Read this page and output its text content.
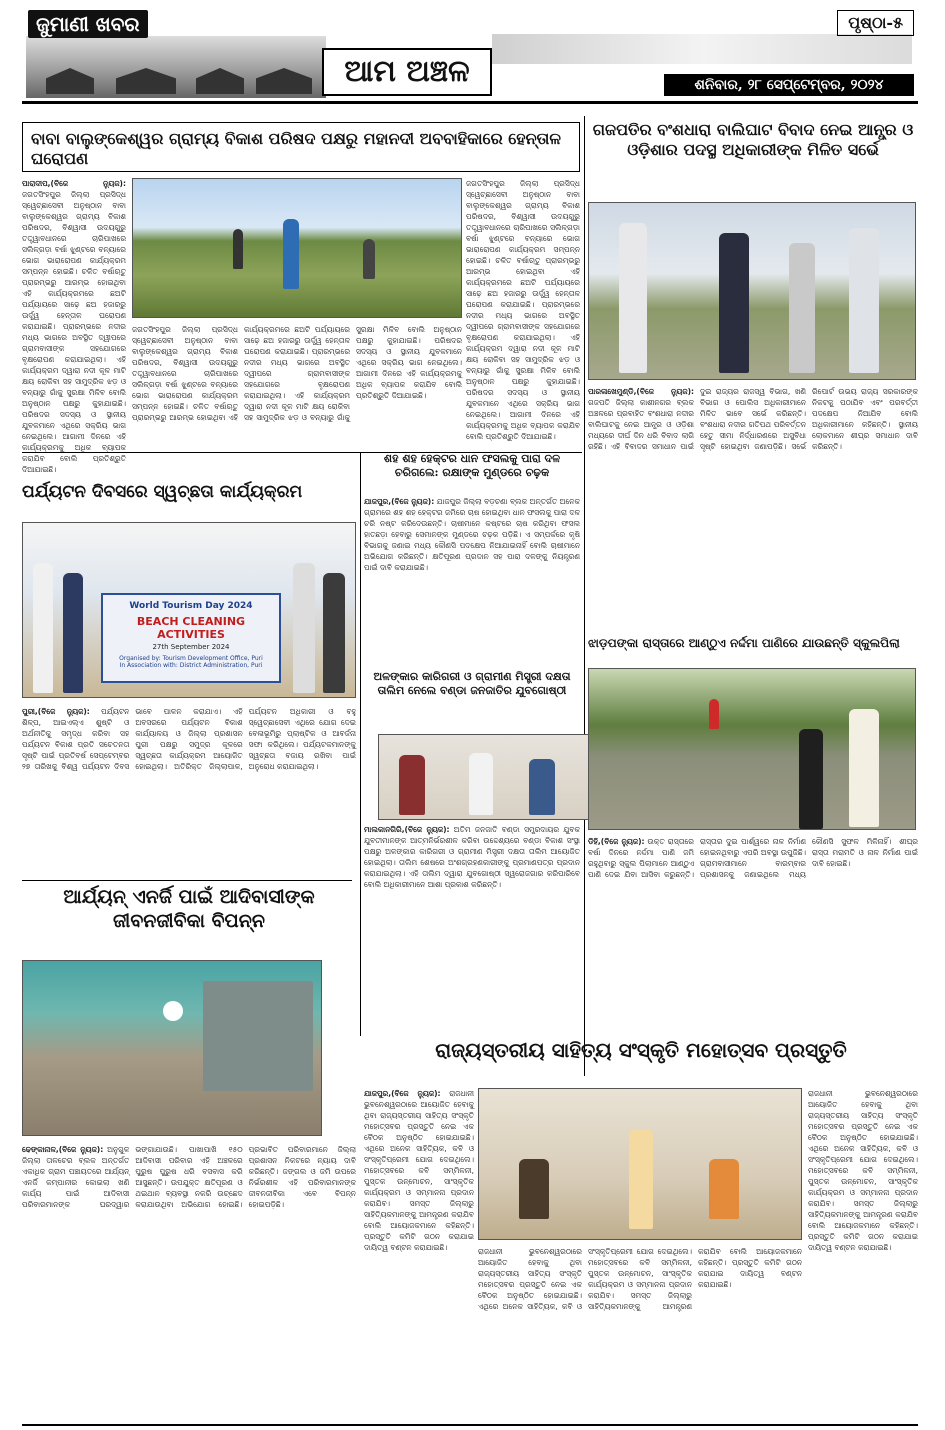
ଜୁମାଣୀ ଖବର
ଆମ ଅଞ୍ଚଳ
ପୃଷ୍ଠା-୫
ଶନିବାର, ୨୮ ସେପ୍ଟେମ୍ବର, ୨୦୨୪
ବାବା ବାଲୁଙ୍କେଶ୍ୱର ଗ୍ରାମ୍ୟ ବିକାଶ ପରିଷଦ ପକ୍ଷରୁ ମହାନଦୀ ଅବବାହିକାରେ ହେନ୍ତାଳ ଘରୋପଣ
ପାରାଦୀପ,(ବିଜେ ନ୍ୟୁଜ): ଜଗତସିଂହପୁର ଜିଲ୍ଲା ପ୍ରସିଦ୍ଧ ସ୍ୱେଚ୍ଛାସେବୀ ଅନୁଷ୍ଠାନ ବାବା ବାଲୁଙ୍କେଶ୍ୱର ଗ୍ରାମ୍ୟ ବିକାଶ ପରିଷଦର, ବିଶ୍ୱାସୀ ଉଦୟଗୁରୁ ତତ୍ତ୍ୱାବଧାନରେ ଚାରିପାଖରେ ସଲିଳ୍‌ଗଡ଼ା ବର୍ଷା ଝୁଣ୍ଟରେ ବନ୍ୟାରେ ଭୋଗ ଭାରାରୋପଣ କାର୍ଯ୍ୟକ୍ରମ ସମ୍ପନ୍ନ ହୋଇଛି। ଚଳିତ ବର୍ଷାଋତୁ ପ୍ରାରମ୍ଭରୁ ଆରମ୍ଭ ହୋଇଥିବା ଏହି କାର୍ଯ୍ୟକ୍ରମରେ ଛଅଟି ପର୍ଯ୍ୟାୟରେ ସାଢ଼େ ଛଅ ହଜାରରୁ ଊର୍ଦ୍ଧ୍ୱ ହେନ୍ତାଳ ଘରୋପଣ କରାଯାଇଛି। ପ୍ରାରମ୍ଭରେ ନଦୀର ମଧ୍ୟ ଭାଗରେ ଅବସ୍ଥିତ ଦ୍ୱୀପରେ ଗ୍ରାମବାସୀଙ୍କ ସହଯୋଗରେ ବୃକ୍ଷରୋପଣ କରାଯାଇଥିଲା। ଏହି କାର୍ଯ୍ୟକ୍ରମ ଦ୍ୱାରା ନଦୀ କୂଳ ମାଟି କ୍ଷୟ ରୋକିବା ସହ ସାମୁଦ୍ରିକ ଝଡ଼ ଓ ବନ୍ୟାରୁ ଗାଁକୁ ସୁରକ୍ଷା ମିଳିବ ବୋଲି ଅନୁଷ୍ଠାନ ପକ୍ଷରୁ କୁହାଯାଇଛି। ପରିଷଦର ସଦସ୍ୟ ଓ ସ୍ଥାନୀୟ ଯୁବକମାନେ ଏଥିରେ ସକ୍ରିୟ ଭାଗ ନେଇଥିଲେ। ଆଗାମୀ ଦିନରେ ଏହି କାର୍ଯ୍ୟକ୍ରମକୁ ଅଧିକ ବ୍ୟାପକ କରାଯିବ ବୋଲି ପ୍ରତିଶ୍ରୁତି ଦିଆଯାଇଛି।
ଜଗତସିଂହପୁର ଜିଲ୍ଲା ପ୍ରସିଦ୍ଧ ସ୍ୱେଚ୍ଛାସେବୀ ଅନୁଷ୍ଠାନ ବାବା ବାଲୁଙ୍କେଶ୍ୱର ଗ୍ରାମ୍ୟ ବିକାଶ ପରିଷଦର, ବିଶ୍ୱାସୀ ଉଦୟଗୁରୁ ତତ୍ତ୍ୱାବଧାନରେ ଚାରିପାଖରେ ସଲିଳ୍‌ଗଡ଼ା ବର୍ଷା ଝୁଣ୍ଟରେ ବନ୍ୟାରେ ଭୋଗ ଭାରାରୋପଣ କାର୍ଯ୍ୟକ୍ରମ ସମ୍ପନ୍ନ ହୋଇଛି। ଚଳିତ ବର୍ଷାଋତୁ ପ୍ରାରମ୍ଭରୁ ଆରମ୍ଭ ହୋଇଥିବା ଏହି କାର୍ଯ୍ୟକ୍ରମରେ ଛଅଟି ପର୍ଯ୍ୟାୟରେ ସାଢ଼େ ଛଅ ହଜାରରୁ ଊର୍ଦ୍ଧ୍ୱ ହେନ୍ତାଳ ଘରୋପଣ କରାଯାଇଛି। ପ୍ରାରମ୍ଭରେ ନଦୀର ମଧ୍ୟ ଭାଗରେ ଅବସ୍ଥିତ ଦ୍ୱୀପରେ ଗ୍ରାମବାସୀଙ୍କ ସହଯୋଗରେ ବୃକ୍ଷରୋପଣ କରାଯାଇଥିଲା। ଏହି କାର୍ଯ୍ୟକ୍ରମ ଦ୍ୱାରା ନଦୀ କୂଳ ମାଟି କ୍ଷୟ ରୋକିବା ସହ ସାମୁଦ୍ରିକ ଝଡ଼ ଓ ବନ୍ୟାରୁ ଗାଁକୁ ସୁରକ୍ଷା ମିଳିବ ବୋଲି ଅନୁଷ୍ଠାନ ପକ୍ଷରୁ କୁହାଯାଇଛି। ପରିଷଦର ସଦସ୍ୟ ଓ ସ୍ଥାନୀୟ ଯୁବକମାନେ ଏଥିରେ ସକ୍ରିୟ ଭାଗ ନେଇଥିଲେ। ଆଗାମୀ ଦିନରେ ଏହି କାର୍ଯ୍ୟକ୍ରମକୁ ଅଧିକ ବ୍ୟାପକ କରାଯିବ ବୋଲି ପ୍ରତିଶ୍ରୁତି ଦିଆଯାଇଛି।
ଜଗତସିଂହପୁର ଜିଲ୍ଲା ପ୍ରସିଦ୍ଧ ସ୍ୱେଚ୍ଛାସେବୀ ଅନୁଷ୍ଠାନ ବାବା ବାଲୁଙ୍କେଶ୍ୱର ଗ୍ରାମ୍ୟ ବିକାଶ ପରିଷଦର, ବିଶ୍ୱାସୀ ଉଦୟଗୁରୁ ତତ୍ତ୍ୱାବଧାନରେ ଚାରିପାଖରେ ସଲିଳ୍‌ଗଡ଼ା ବର୍ଷା ଝୁଣ୍ଟରେ ବନ୍ୟାରେ ଭୋଗ ଭାରାରୋପଣ କାର୍ଯ୍ୟକ୍ରମ ସମ୍ପନ୍ନ ହୋଇଛି। ଚଳିତ ବର୍ଷାଋତୁ ପ୍ରାରମ୍ଭରୁ ଆରମ୍ଭ ହୋଇଥିବା ଏହି କାର୍ଯ୍ୟକ୍ରମରେ ଛଅଟି ପର୍ଯ୍ୟାୟରେ ସାଢ଼େ ଛଅ ହଜାରରୁ ଊର୍ଦ୍ଧ୍ୱ ହେନ୍ତାଳ ଘରୋପଣ କରାଯାଇଛି। ପ୍ରାରମ୍ଭରେ ନଦୀର ମଧ୍ୟ ଭାଗରେ ଅବସ୍ଥିତ ଦ୍ୱୀପରେ ଗ୍ରାମବାସୀଙ୍କ ସହଯୋଗରେ ବୃକ୍ଷରୋପଣ କରାଯାଇଥିଲା। ଏହି କାର୍ଯ୍ୟକ୍ରମ ଦ୍ୱାରା ନଦୀ କୂଳ ମାଟି କ୍ଷୟ ରୋକିବା ସହ ସାମୁଦ୍ରିକ ଝଡ଼ ଓ ବନ୍ୟାରୁ ଗାଁକୁ ସୁରକ୍ଷା ମିଳିବ ବୋଲି ଅନୁଷ୍ଠାନ ପକ୍ଷରୁ କୁହାଯାଇଛି। ପରିଷଦର ସଦସ୍ୟ ଓ ସ୍ଥାନୀୟ ଯୁବକମାନେ ଏଥିରେ ସକ୍ରିୟ ଭାଗ ନେଇଥିଲେ। ଆଗାମୀ ଦିନରେ ଏହି କାର୍ଯ୍ୟକ୍ରମକୁ ଅଧିକ ବ୍ୟାପକ କରାଯିବ ବୋଲି ପ୍ରତିଶ୍ରୁତି ଦିଆଯାଇଛି।
ଗଜପତିର ବଂଶଧାରା ବାଲିଘାଟ ବିବାଦ ନେଇ ଆନ୍ଧ୍ର ଓ ଓଡ଼ିଶାର ପଦସ୍ଥ ଅଧିକାରୀଙ୍କ ମିଳିତ ସର୍ଭେ
ପାରଳାଖେମୁଣ୍ଡି,(ବିଜେ ନ୍ୟୁଜ): ଗଜପତି ଜିଲ୍ଲା କାଶୀନଗର ବ୍ଲକ ଅଞ୍ଚଳରେ ପ୍ରବାହିତ ବଂଶଧାରା ନଦୀର ବାଲିଘାଟକୁ ନେଇ ଆନ୍ଧ୍ର ଓ ଓଡ଼ିଶା ମଧ୍ୟରେ ଦୀର୍ଘ ଦିନ ଧରି ବିବାଦ ଲାଗି ରହିଛି। ଏହି ବିବାଦର ସମାଧାନ ପାଇଁ ଦୁଇ ରାଜ୍ୟର ରାଜସ୍ୱ ବିଭାଗ, ଖଣି ବିଭାଗ ଓ ପୋଲିସ ଅଧିକାରୀମାନେ ମିଳିତ ଭାବେ ସର୍ଭେ କରିଛନ୍ତି। ବଂଶଧାରା ନଦୀର ଗତିପଥ ପରିବର୍ତ୍ତନ ହେତୁ ସୀମା ନିର୍ଦ୍ଧାରଣରେ ଅସୁବିଧା ସୃଷ୍ଟି ହୋଇଥିବା ଜଣାପଡ଼ିଛି। ସର୍ଭେ ରିପୋର୍ଟ ଉଭୟ ରାଜ୍ୟ ସରକାରଙ୍କ ନିକଟକୁ ପଠାଯିବ ଏବଂ ପରବର୍ତ୍ତୀ ପଦକ୍ଷେପ ନିଆଯିବ ବୋଲି ଅଧିକାରୀମାନେ କହିଛନ୍ତି। ସ୍ଥାନୀୟ ଲୋକମାନେ ଶୀଘ୍ର ସମାଧାନ ଦାବି କରିଛନ୍ତି।
ପର୍ଯ୍ୟଟନ ଦିବସରେ ସ୍ୱଚ୍ଛତା କାର୍ଯ୍ୟକ୍ରମ
World Tourism Day 2024
BEACH CLEANING ACTIVITIES
27th September 2024
Organised by: Tourism Development Office, Puri
In Association with: District Administration, Puri
ପୁରୀ,(ବିଜେ ନ୍ୟୁଜ): ପର୍ଯ୍ୟଟନ ଶିଳ୍ପ, ଆଇଏଲ୍‌ଏ ଶୁଷ୍ଟି ଓ ଅର୍ଥନୀତିକୁ ସମୃଦ୍ଧ କରିବା ସହ ପର୍ଯ୍ୟଟନ ବିକାଶ ପ୍ରତି ସଚେତନତା ସୃଷ୍ଟି ପାଇଁ ପ୍ରତିବର୍ଷ ସେପ୍ଟେମ୍ବର ୨୭ ତାରିଖକୁ ବିଶ୍ୱ ପର୍ଯ୍ୟଟନ ଦିବସ ଭାବେ ପାଳନ କରାଯାଏ। ଏହି ଅବସରରେ ପର୍ଯ୍ୟଟନ ବିକାଶ କାର୍ଯ୍ୟାଳୟ ଓ ଜିଲ୍ଲା ପ୍ରଶାସନ ପୁରୀ ପକ୍ଷରୁ ସମୁଦ୍ର କୂଳରେ ସ୍ୱଚ୍ଛତା କାର୍ଯ୍ୟକ୍ରମ ଆୟୋଜିତ ହୋଇଥିଲା। ଅତିରିକ୍ତ ଜିଲ୍ଲାପାଳ, ପର୍ଯ୍ୟଟନ ଅଧିକାରୀ ଓ ବହୁ ସ୍ୱେଚ୍ଛାସେବୀ ଏଥିରେ ଯୋଗ ଦେଇ ବେଳାଭୂମିରୁ ପ୍ଲାଷ୍ଟିକ ଓ ଆବର୍ଜନା ସଫା କରିଥିଲେ। ପର୍ଯ୍ୟଟକମାନଙ୍କୁ ସ୍ୱଚ୍ଛତା ବଜାୟ ରଖିବା ପାଇଁ ଅନୁରୋଧ କରାଯାଇଥିଲା।
ଶହ ଶହ ହେକ୍ଟର ଧାନ ଫସଲକୁ ପାରା ଦଳ ଚରିଗଲେ: ରକ୍ଷାଙ୍କ ମୁଣ୍ଡରେ ଚଢ଼କ
ଯାଜପୁର,(ବିଜେ ନ୍ୟୁଜ): ଯାଜପୁର ଜିଲ୍ଲା ବଡ଼ଚଣା ବ୍ଲକ ଅନ୍ତର୍ଗତ ଅନେକ ଗ୍ରାମରେ ଶହ ଶହ ହେକ୍ଟର ଜମିରେ ଚାଷ ହୋଇଥିବା ଧାନ ଫସଲକୁ ପାରା ଦଳ ଚରି ନଷ୍ଟ କରିଦେଉଛନ୍ତି। ଚାଷୀମାନେ କଷ୍ଟରେ ଚାଷ କରିଥିବା ଫସଲ ହାତଛଡ଼ା ହେବାରୁ ସେମାନଙ୍କ ମୁଣ୍ଡରେ ଚଢ଼କ ପଡ଼ିଛି। ଏ ସମ୍ପର୍କରେ କୃଷି ବିଭାଗକୁ ଜଣାଇ ମଧ୍ୟ କୌଣସି ପଦକ୍ଷେପ ନିଆଯାଇନାହିଁ ବୋଲି ଚାଷୀମାନେ ଅଭିଯୋଗ କରିଛନ୍ତି। କ୍ଷତିପୂରଣ ପ୍ରଦାନ ସହ ପାରା ଦଳଙ୍କୁ ନିୟନ୍ତ୍ରଣ ପାଇଁ ଦାବି କରାଯାଇଛି।
ଅଳଙ୍କାର କାରିଗରୀ ଓ ଗ୍ରାମୀଣ ମିସ୍ତ୍ରୀ ଦକ୍ଷତା ତାଲିମ ନେଲେ ବଣ୍ଡା ଜନଜାତିର ଯୁବଗୋଷ୍ଠୀ
ମାଲକାନଗିରି,(ବିଜେ ନ୍ୟୁଜ): ଅତିମ ଜନଜାତି ବଣ୍ଡା ସମ୍ପ୍ରଦାୟର ଯୁବକ ଯୁବତୀମାନଙ୍କ ଆତ୍ମନିର୍ଭରଶୀଳ କରିବା ଉଦ୍ଦେଶ୍ୟରେ ବଣ୍ଡା ବିକାଶ ସଂସ୍ଥା ପକ୍ଷରୁ ଅଳଙ୍କାର କାରିଗରୀ ଓ ଗ୍ରାମୀଣ ମିସ୍ତ୍ରୀ ଦକ୍ଷତା ତାଲିମ ଆୟୋଜିତ ହୋଇଥିଲା। ତାଲିମ ଶେଷରେ ଅଂଶଗ୍ରହଣକାରୀଙ୍କୁ ପ୍ରମାଣପତ୍ର ପ୍ରଦାନ କରାଯାଇଥିଲା। ଏହି ତାଲିମ ଦ୍ୱାରା ଯୁବଗୋଷ୍ଠୀ ସ୍ୱରୋଜଗାର କରିପାରିବେ ବୋଲି ଅଧିକାରୀମାନେ ଆଶା ପ୍ରକାଶ କରିଛନ୍ତି।
ଝାଡ଼ପଙ୍କା ରାସ୍ତାରେ ଆଣ୍ଠୁଏ ନର୍ଦ୍ଦମା ପାଣିରେ ଯାଉଛନ୍ତି ସ୍କୁଲପିଲା
ଡିହି,(ବିଜେ ନ୍ୟୁଜ): ଉକ୍ତ ରାସ୍ତାରେ ବର୍ଷା ଦିନରେ ନର୍ଦ୍ଦମା ପାଣି ଜମି ରହୁଥିବାରୁ ସ୍କୁଲ ପିଲାମାନେ ଆଣ୍ଠୁଏ ପାଣି ଦେଇ ଯିବା ଆସିବା କରୁଛନ୍ତି। ରାସ୍ତାର ଦୁଇ ପାର୍ଶ୍ୱରେ ନାଳ ନିର୍ମାଣ ହୋଇନଥିବାରୁ ଏପରି ଅବସ୍ଥା ଉପୁଜିଛି। ଗ୍ରାମବାସୀମାନେ ବାରମ୍ବାର ପ୍ରଶାସନକୁ ଜଣାଇଥିଲେ ମଧ୍ୟ କୌଣସି ସୁଫଳ ମିଳିନାହିଁ। ଶୀଘ୍ର ରାସ୍ତା ମରାମତି ଓ ନାଳ ନିର୍ମାଣ ପାଇଁ ଦାବି ହୋଇଛି।
ଆର୍ଯ୍ୟନ୍ ଏନର୍ଜି ପାଇଁ ଆଦିବାସୀଙ୍କ ଜୀବନଜୀବିକା ବିପନ୍ନ
ଢେଙ୍କାନାଳ,(ବିଜେ ନ୍ୟୁଜ): ଅନୁଗୁଳ ଜିଲ୍ଲା ତାଳଚେର ବ୍ଲକ ଅନ୍ତର୍ଗତ ଏକାଧିକ ଗ୍ରାମ ପଞ୍ଚାୟତରେ ଆର୍ଯ୍ୟନ୍ ଏନର୍ଜି କମ୍ପାନୀର କୋଇଲା ଖଣି କାର୍ଯ୍ୟ ପାଇଁ ଆଦିବାସୀ ପରିବାରମାନଙ୍କ ଘରଦ୍ୱାର ଭଙ୍ଗାଯାଉଛି। ପାଖାପାଖି ୧୫୦ ଆଦିବାସୀ ପରିବାର ଏହି ଅଞ୍ଚଳରେ ପୁରୁଷ ପୁରୁଷ ଧରି ବସବାସ କରି ଆସୁଛନ୍ତି। ଉପଯୁକ୍ତ କ୍ଷତିପୂରଣ ଓ ଥଇଥାନ ବ୍ୟବସ୍ଥା ନକରି ଉଚ୍ଛେଦ କରାଯାଉଥିବା ଅଭିଯୋଗ ହୋଇଛି। ପ୍ରଭାବିତ ପରିବାରମାନେ ଜିଲ୍ଲା ପ୍ରଶାସନ ନିକଟରେ ନ୍ୟାୟ ଦାବି କରିଛନ୍ତି। ଜଙ୍ଗଲ ଓ ଜମି ଉପରେ ନିର୍ଭରଶୀଳ ଏହି ପରିବାରମାନଙ୍କ ଜୀବନଜୀବିକା ଏବେ ବିପନ୍ନ ହୋଇପଡ଼ିଛି।
ରାଜ୍ୟସ୍ତରୀୟ ସାହିତ୍ୟ ସଂସ୍କୃତି ମହୋତ୍ସବ ପ୍ରସ୍ତୁତି
ଯାଜପୁର,(ବିଜେ ନ୍ୟୁଜ): ରାଜଧାନୀ ଭୁବନେଶ୍ୱରଠାରେ ଆୟୋଜିତ ହେବାକୁ ଥିବା ରାଜ୍ୟସ୍ତରୀୟ ସାହିତ୍ୟ ସଂସ୍କୃତି ମହୋତ୍ସବର ପ୍ରସ୍ତୁତି ନେଇ ଏକ ବୈଠକ ଅନୁଷ୍ଠିତ ହୋଇଯାଇଛି। ଏଥିରେ ଅନେକ ସାହିତ୍ୟିକ, କବି ଓ ସଂସ୍କୃତିପ୍ରେମୀ ଯୋଗ ଦେଇଥିଲେ। ମହୋତ୍ସବରେ କବି ସମ୍ମିଳନୀ, ପୁସ୍ତକ ଉନ୍ମୋଚନ, ସାଂସ୍କୃତିକ କାର୍ଯ୍ୟକ୍ରମ ଓ ସମ୍ମାନନା ପ୍ରଦାନ କରାଯିବ। ସମସ୍ତ ଜିଲ୍ଲାରୁ ସାହିତ୍ୟିକମାନଙ୍କୁ ଆମନ୍ତ୍ରଣ କରାଯିବ ବୋଲି ଆୟୋଜକମାନେ କହିଛନ୍ତି। ପ୍ରସ୍ତୁତି କମିଟି ଗଠନ କରାଯାଇ ଦାୟିତ୍ୱ ବଣ୍ଟନ କରାଯାଇଛି।	ରାଜଧାନୀ ଭୁବନେଶ୍ୱରଠାରେ ଆୟୋଜିତ ହେବାକୁ ଥିବା ରାଜ୍ୟସ୍ତରୀୟ ସାହିତ୍ୟ ସଂସ୍କୃତି ମହୋତ୍ସବର ପ୍ରସ୍ତୁତି ନେଇ ଏକ ବୈଠକ ଅନୁଷ୍ଠିତ ହୋଇଯାଇଛି। ଏଥିରେ ଅନେକ ସାହିତ୍ୟିକ, କବି ଓ ସଂସ୍କୃତିପ୍ରେମୀ ଯୋଗ ଦେଇଥିଲେ। ମହୋତ୍ସବରେ କବି ସମ୍ମିଳନୀ, ପୁସ୍ତକ ଉନ୍ମୋଚନ, ସାଂସ୍କୃତିକ କାର୍ଯ୍ୟକ୍ରମ ଓ ସମ୍ମାନନା ପ୍ରଦାନ କରାଯିବ। ସମସ୍ତ ଜିଲ୍ଲାରୁ ସାହିତ୍ୟିକମାନଙ୍କୁ ଆମନ୍ତ୍ରଣ କରାଯିବ ବୋଲି ଆୟୋଜକମାନେ କହିଛନ୍ତି। ପ୍ରସ୍ତୁତି କମିଟି ଗଠନ କରାଯାଇ ଦାୟିତ୍ୱ ବଣ୍ଟନ କରାଯାଇଛି।
ରାଜଧାନୀ ଭୁବନେଶ୍ୱରଠାରେ ଆୟୋଜିତ ହେବାକୁ ଥିବା ରାଜ୍ୟସ୍ତରୀୟ ସାହିତ୍ୟ ସଂସ୍କୃତି ମହୋତ୍ସବର ପ୍ରସ୍ତୁତି ନେଇ ଏକ ବୈଠକ ଅନୁଷ୍ଠିତ ହୋଇଯାଇଛି। ଏଥିରେ ଅନେକ ସାହିତ୍ୟିକ, କବି ଓ ସଂସ୍କୃତିପ୍ରେମୀ ଯୋଗ ଦେଇଥିଲେ। ମହୋତ୍ସବରେ କବି ସମ୍ମିଳନୀ, ପୁସ୍ତକ ଉନ୍ମୋଚନ, ସାଂସ୍କୃତିକ କାର୍ଯ୍ୟକ୍ରମ ଓ ସମ୍ମାନନା ପ୍ରଦାନ କରାଯିବ। ସମସ୍ତ ଜିଲ୍ଲାରୁ ସାହିତ୍ୟିକମାନଙ୍କୁ ଆମନ୍ତ୍ରଣ କରାଯିବ ବୋଲି ଆୟୋଜକମାନେ କହିଛନ୍ତି। ପ୍ରସ୍ତୁତି କମିଟି ଗଠନ କରାଯାଇ ଦାୟିତ୍ୱ ବଣ୍ଟନ କରାଯାଇଛି।
